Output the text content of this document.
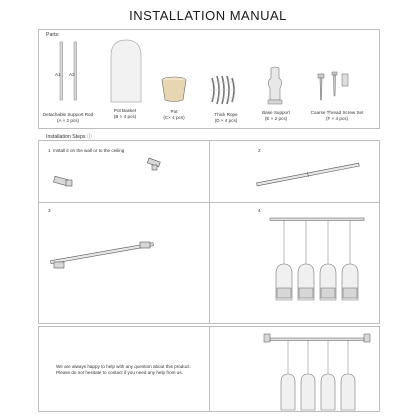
INSTALLATION MANUAL
Parts:
A1 A2
Detachable Support Rod
(A × 2 pcs)
Pot Basket
(B × 4 pcs)
Pot
(C× 4 pcs)
Thick Rope
(D × 4 pcs)
Base Support
(E × 2 pcs)
Coarse Thread Screw Set
(F × 4 pcs)
Installation Steps ⓘ
1 Install it on the wall or to the ceiling	2
3	4
We are always happy to help with any question about this product.
Please do not hesitate to contact if you need any help from us.
